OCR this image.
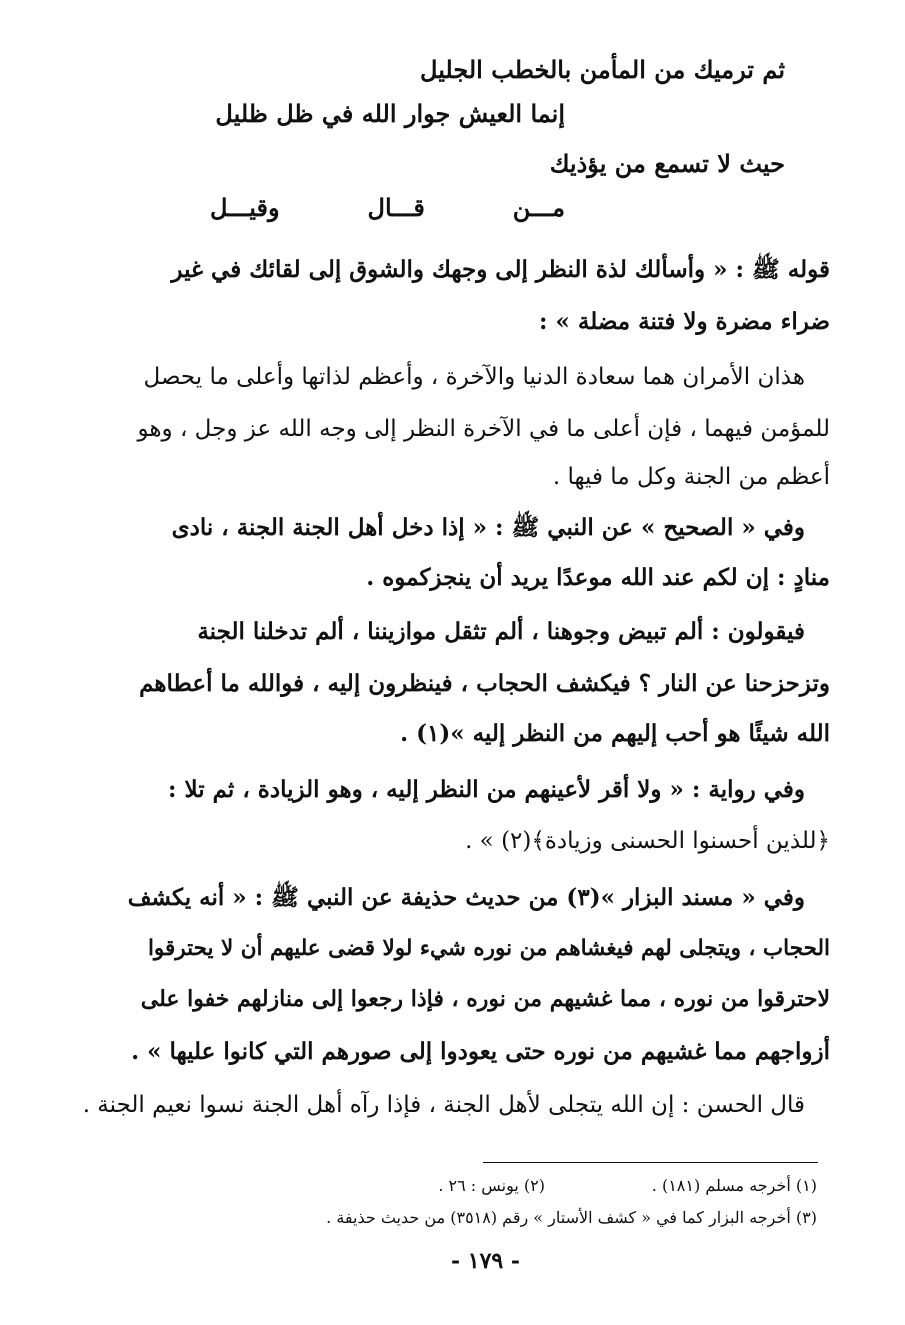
ثم ترميك من المأمن بالخطب الجليل

إنما العيش جوار الله في ظل ظليل

حيث لا تسمع من يؤذيك

مـــن
قـــال
وقيـــل

قوله ﷺ : « وأسألك لذة النظر إلى وجهك والشوق إلى لقائك في غير

ضراء مضرة ولا فتنة مضلة » :

هذان الأمران هما سعادة الدنيا والآخرة ، وأعظم لذاتها وأعلى ما يحصل

للمؤمن فيهما ، فإن أعلى ما في الآخرة النظر إلى وجه الله عز وجل ، وهو

أعظم من الجنة وكل ما فيها .

وفي « الصحيح » عن النبي ﷺ : « إذا دخل أهل الجنة الجنة ، نادى

منادٍ : إن لكم عند الله موعدًا يريد أن ينجزكموه .

فيقولون : ألم تبيض وجوهنا ، ألم تثقل موازيننا ، ألم تدخلنا الجنة

وتزحزحنا عن النار ؟ فيكشف الحجاب ، فينظرون إليه ، فوالله ما أعطاهم

الله شيئًا هو أحب إليهم من النظر إليه »(١) .

وفي رواية : « ولا أقر لأعينهم من النظر إليه ، وهو الزيادة ، ثم تلا :

﴿للذين أحسنوا الحسنى وزيادة﴾(٢) » .

وفي « مسند البزار »(٣) من حديث حذيفة عن النبي ﷺ : « أنه يكشف

الحجاب ، ويتجلى لهم فيغشاهم من نوره شيء لولا قضى عليهم أن لا يحترقوا

لاحترقوا من نوره ، مما غشيهم من نوره ، فإذا رجعوا إلى منازلهم خفوا على

أزواجهم مما غشيهم من نوره حتى يعودوا إلى صورهم التي كانوا عليها » .

قال الحسن : إن الله يتجلى لأهل الجنة ، فإذا رآه أهل الجنة نسوا نعيم الجنة .

(١) أخرجه مسلم (١٨١) .

(٢) يونس : ٢٦ .

(٣) أخرجه البزار كما في « كشف الأستار » رقم (٣٥١٨) من حديث حذيفة .

- ١٧٩ -
